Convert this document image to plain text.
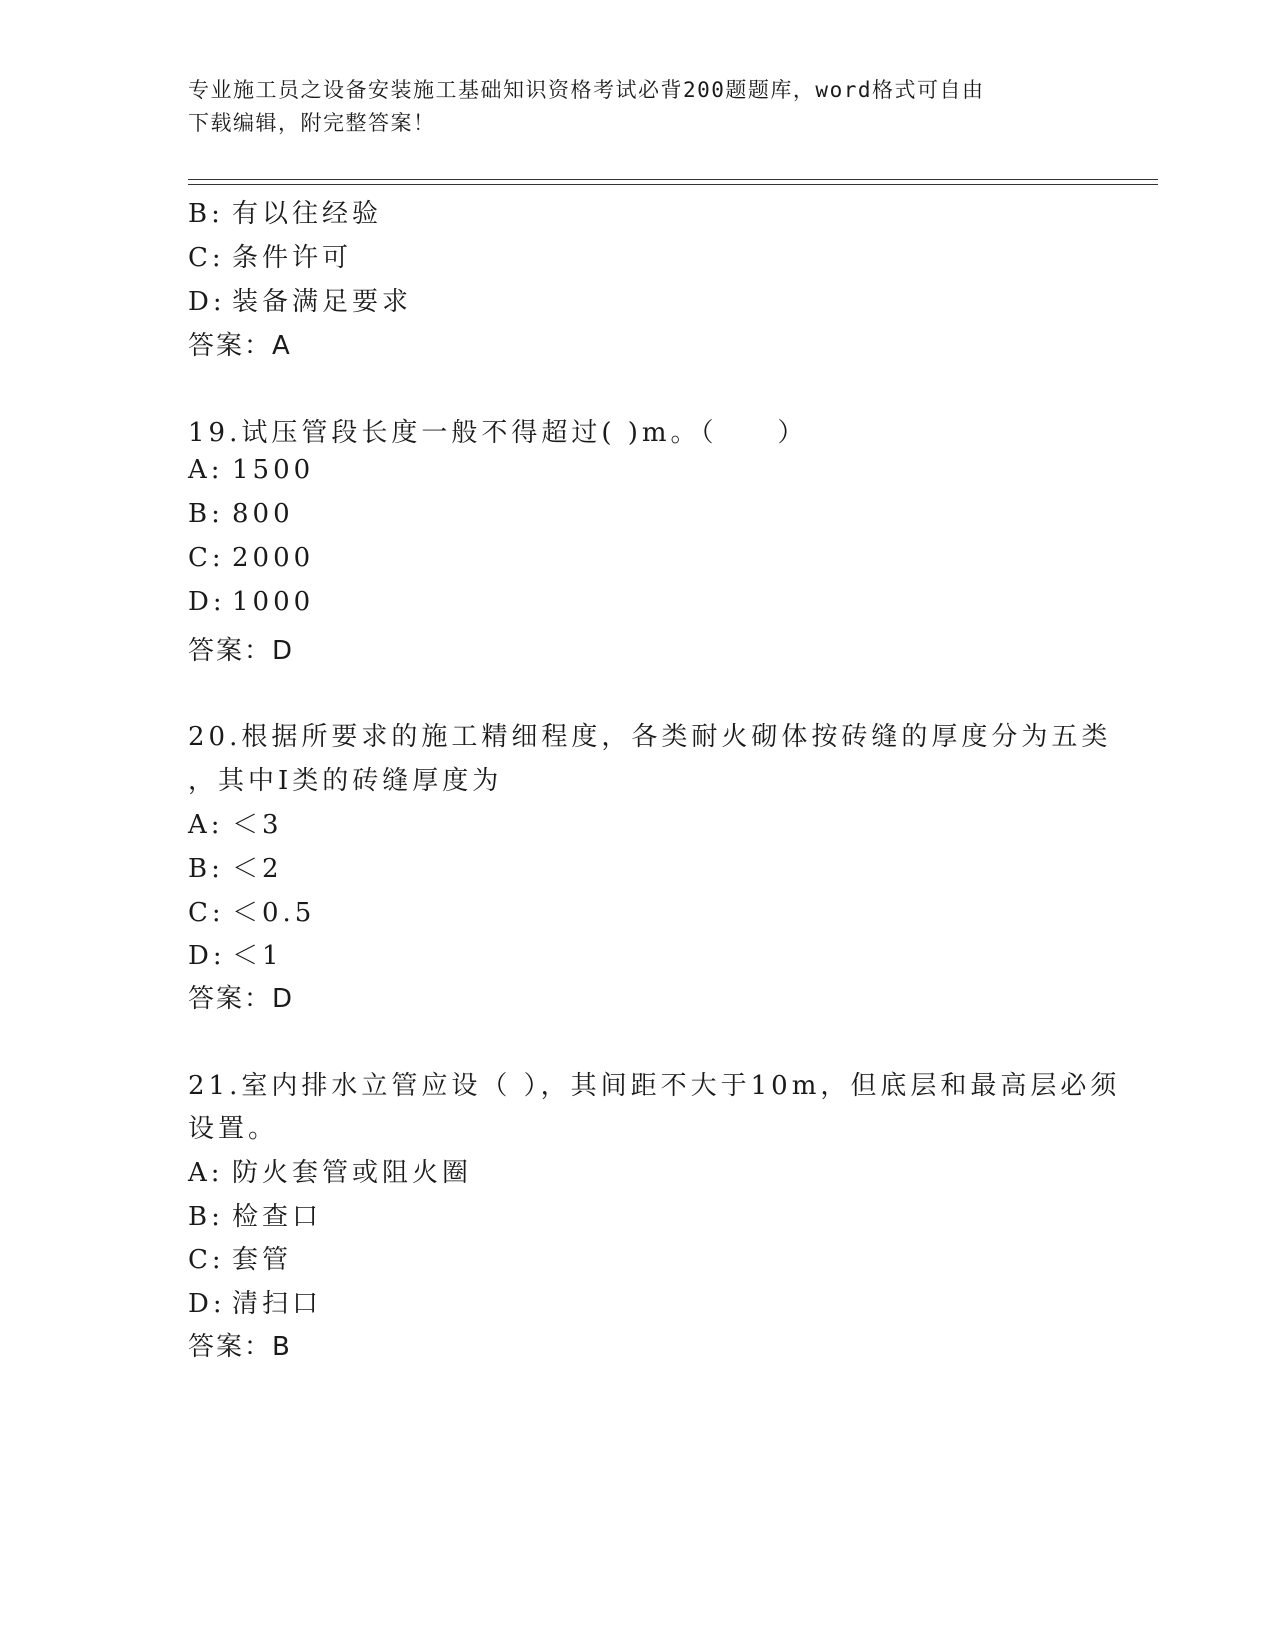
专业施工员之设备安装施工基础知识资格考试必背200题题库，word格式可自由
下载编辑，附完整答案！
B: 有以往经验
C: 条件许可
D: 装备满足要求
答案：A
19.试压管段长度一般不得超过( )m。（　　）
A: 1500
B: 800
C: 2000
D: 1000
答案：D
20.根据所要求的施工精细程度，各类耐火砌体按砖缝的厚度分为五类
，其中Ⅰ类的砖缝厚度为
A: ＜3
B: ＜2
C: ＜0.5
D: ＜1
答案：D
21.室内排水立管应设（ ），其间距不大于10m，但底层和最高层必须
设置。
A: 防火套管或阻火圈
B: 检查口
C: 套管
D: 清扫口
答案：B
